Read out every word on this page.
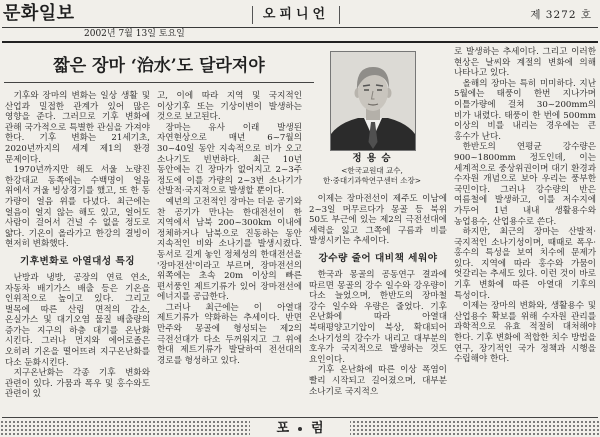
문화일보	오피니언	제 3272 호
2002년 7월 13일 토요일
짧은 장마 ‘治水’도 달라져야
정 용 승
<한국교원대 교수,
한·중대기과학연구센터 소장>

기후와 장마의 변화는 일상 생활 및 산업과 밀접한 관계가 있어 많은 영향을 준다. 그러므로 기후 변화에 관해 국가적으로 특별한 관심을 가져야 한다. 기후 변화는 21세기초, 2020년까지의 세계 제1의 환경 문제이다.

1970년까지만 해도 서울 노량진 한강대교 동쪽에는 수백명이 얼음 위에서 겨울 빙상경기를 했고, 또 한 동 가량이 얼음 위를 다녔다. 최근에는 얼음이 얼지 않는 해도 있고, 얼어도 사람이 걸어서 건널 수 없을 정도로 얇다. 기온이 올라가고 한강의 결빙이 현저히 변화했다.

기후변화로 아열대성 특징

난방과 냉방, 공장의 연료 연소, 자동차 배기가스 배출 등은 기온을 인위적으로 높이고 있다. 그리고 벌목에 따른 산림 면적의 감소, 온실가스 및 대기오염 물질 배출량의 증가는 지구의 하층 대기를 온난화 시킨다. 그러나 먼지와 에어로졸은 오히려 기온을 떨어뜨려 지구온난화를 다소 둔화시킨다.

지구온난화는 각종 기후 변화와 관련이 있다. 가뭄과 폭우 및 홍수와도 관련이 있

고, 이에 따라 지역 및 국지적인 이상기후 또는 기상이변이 발생하는 것으로 보고된다.

장마는 유사 이래 발생된 자연현상으로 매년 6~7월의 30~40일 동안 지속적으로 비가 오고 소나기도 빈번하다. 최근 10년 동안에는 긴 장마가 없어지고 2~3주 정도에 이를 가량의 2~3번 소나기가 산발적·국지적으로 발생할 뿐이다.

예년의 고전적인 장마는 더운 공기와 찬 공기가 만나는 한대전선이 한 지역에서 남북 200~300km 이내에 정체하거나 남북으로 진동하는 동안 지속적인 비와 소나기를 발생시켰다. 동서로 길게 놓인 정체성의 한대전선을 '장마전선'이라고 부르며, 장마전선의 위쪽에는 초속 20m 이상의 빠른 편서풍인 제트기류가 있어 장마전선에 에너지를 공급한다.

그러나 최근에는 이 아열대 제트기류가 약화하는 추세이다. 반면 만주와 몽골에 형성되는 제2의 극전선대가 다소 두꺼워지고 그 위에 한대 제트기류가 발달하여 전선대의 경로를 형성하고 있다.

이제는 장마전선이 제주도 이남에 2~3일 머무르다가 몽골 등 북위 50도 부근에 있는 제2의 극전선대에 세력을 잃고 그쪽에 구름과 비를 발생시키는 추세이다.

강수량 줄어 대비책 세워야

한국과 몽골의 공동연구 결과에 따르면 몽골의 강수 일수와 강우량이 다소 늘었으며, 한반도의 장마철 강수 일수와 우량은 줄었다. 기후 온난화에 따라 아열대 북태평양고기압이 북상, 확대되어 소나기성의 강수가 내리고 대부분의 호우가 국지적으로 발생하는 것도 요인이다.

기후 온난화에 따른 이상 폭염이 빨리 시작되고 길어졌으며, 대부분 소나기로 국지적으

로 발생하는 추세이다. 그리고 이러한 현상은 날씨와 계절의 변화에 의해 나타나고 있다.

올해의 장마는 특히 미미하다. 지난 5월에는 태풍이 한번 지나가며 이틀가량에 걸쳐 30~200mm의 비가 내렸다. 태풍이 한 번에 500mm 이상의 비를 내리는 경우에는 큰 홍수가 난다.

한반도의 연평균 강수량은 900~1800mm 정도인데, 이는 세계적으로 중상위권이며 대기 환경과 수자원 개념으로 보아 우리는 풍부한 국민이다. 그러나 강수량의 반은 여름철에 발생하고, 이를 저수지에 가두어 1년 내내 생활용수와 농업용수, 산업용수로 쓴다.

하지만, 최근의 장마는 산발적·국지적인 소나기성이며, 때때로 폭우·홍수의 특성을 보여 치수에 문제가 있다. 지역에 따라 홍수와 가뭄이 엇갈리는 추세도 있다. 이런 것이 바로 기후 변화에 따른 아열대 기후의 특성이다.

이제는 장마의 변화와, 생활용수 및 산업용수 확보를 위해 수자원 관리를 과학적으로 유효 적절히 대처해야 한다. 기후 변화에 적합한 치수 방법을 연구, 장기적인 국가 정책과 시행을 수립해야 한다.

포 럼
